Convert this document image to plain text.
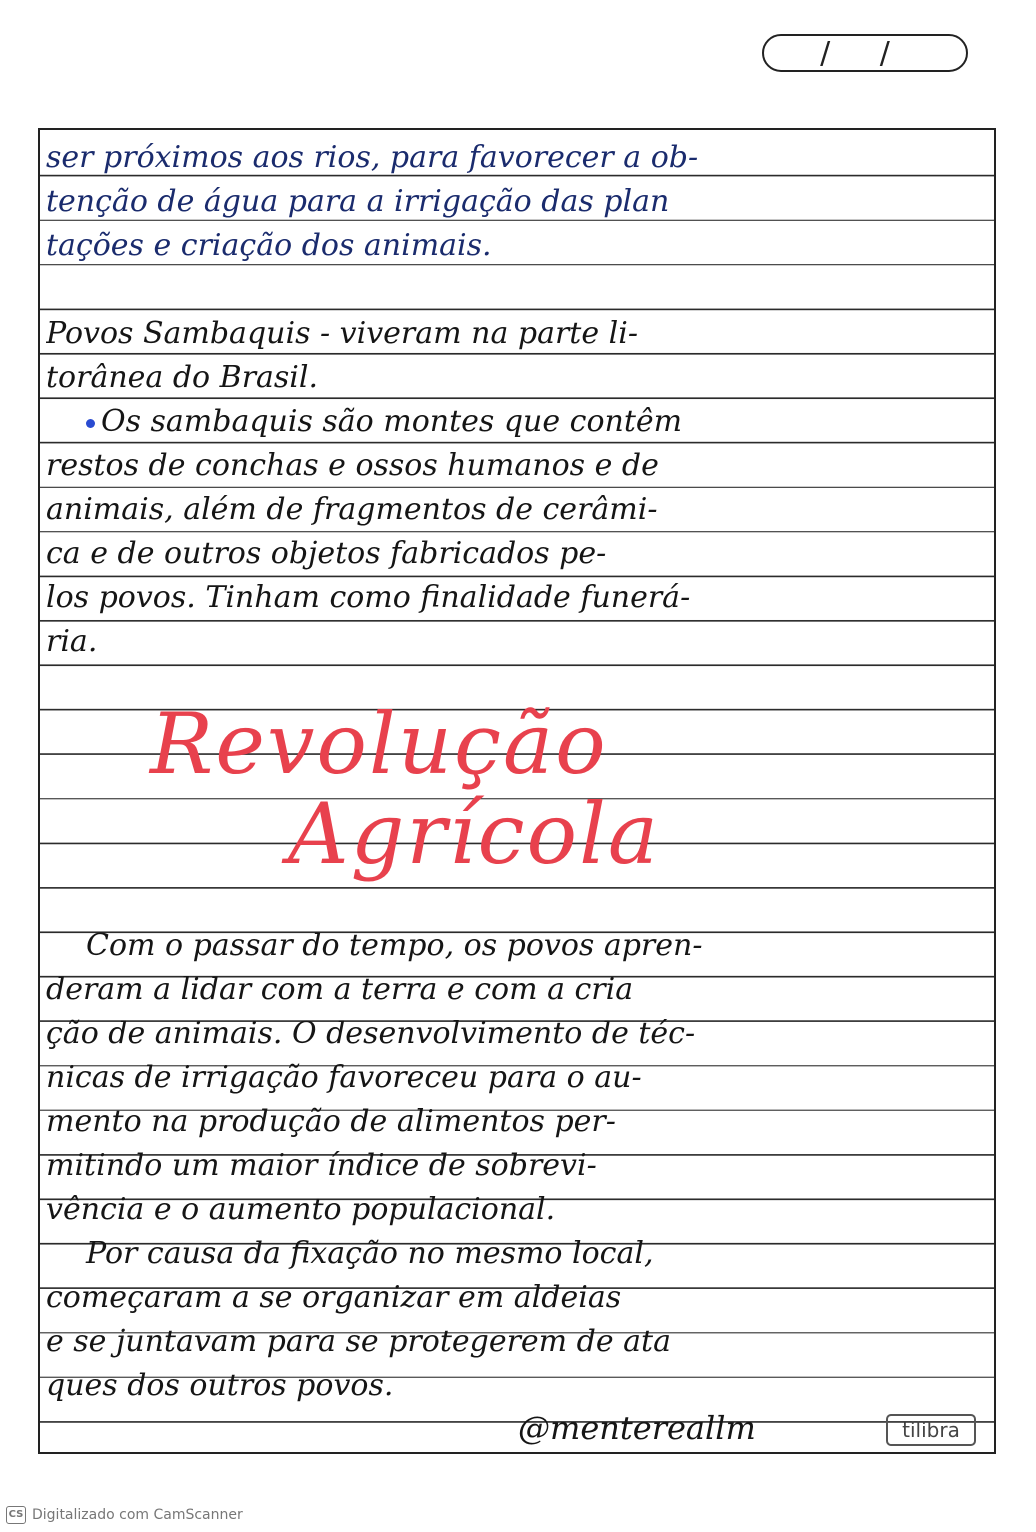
/ /
ser próximos aos rios, para favorecer a ob-
tenção de água para a irrigação das plan
tações e criação dos animais.
Povos Sambaquis - viveram na parte li-
torânea do Brasil.
Os sambaquis são montes que contêm
restos de conchas e ossos humanos e de
animais, além de fragmentos de cerâmi-
ca e de outros objetos fabricados pe-
los povos. Tinham como finalidade funerá-
ria.
Com o passar do tempo, os povos apren-
deram a lidar com a terra e com a cria
ção de animais. O desenvolvimento de téc-
nicas de irrigação favoreceu para o au-
mento na produção de alimentos per-
mitindo um maior índice de sobrevi-
vência e o aumento populacional.
Por causa da fixação no mesmo local,
começaram a se organizar em aldeias
e se juntavam para se protegerem de ata
ques dos outros povos.
Revolução
Agrícola
@mentereallm	tilibra
CS Digitalizado com CamScanner
